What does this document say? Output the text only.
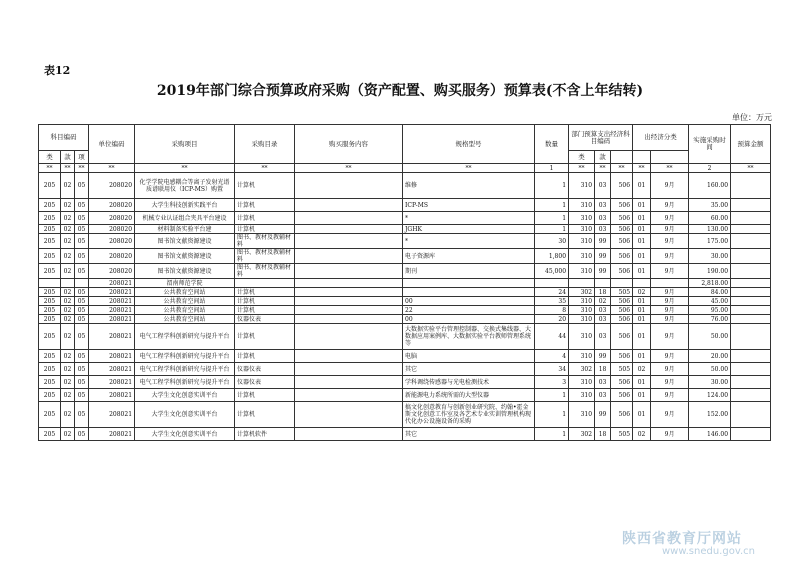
表12
2019年部门综合预算政府采购（资产配置、购买服务）预算表(不含上年结转)
单位：万元
科目编码			单位编码	采购项目	采购目录	购买服务内容	规格型号	数量	部门预算支出经济科目编码			出经济分类		实施采购时间	预算金额	
类	款	项							类	款						
**	**	**	**	**	**	**	**	1	**	**	**	**	**	2	**	
205	02	05	208020	化学学院电感耦合等离子发射光谱质谱联用仪（ICP-MS）购置	计算机		维修	1	310	03	506	01	9月	160.00		
205	02	05	208020	大学生科技创新实践平台	计算机		ICP-MS	1	310	03	506	01	9月	35.00		
205	02	05	208020	机械专业认证组合夹具平台建设	计算机		*	1	310	03	506	01	9月	60.00		
205	02	05	208020	材料制备实验平台建	计算机		JGHK	1	310	03	506	01	9月	130.00		
205	02	05	208020	图书馆文献资源建设	图书、教材及教辅材料		*	30	310	99	506	01	9月	175.00		
205	02	05	208020	图书馆文献资源建设	图书、教材及教辅材料		电子资源库	1,800	310	99	506	01	9月	30.00		
205	02	05	208020	图书馆文献资源建设	图书、教材及教辅材料		期刊	45,000	310	99	506	01	9月	190.00		
			208021	渭南师范学院										2,818.00		
205	02	05	208021	公共教育空间站	计算机			24	302	18	505	02	9月	84.00		
205	02	05	208021	公共教育空间站	计算机		00	35	310	02	506	01	9月	45.00		
205	02	05	208021	公共教育空间站	计算机		22	8	310	03	506	01	9月	95.00		
205	02	05	208021	公共教育空间站	仪器仪表		00	20	310	03	506	01	9月	76.00		
205	02	05	208021	电气工程学科创新研究与提升平台	计算机		大数据实验平台管理控制器、交换式集线器、大数据应用案例库、大数据实验平台教师管理系统等	44	310	03	506	01	9月	50.00		
205	02	05	208021	电气工程学科创新研究与提升平台	计算机		电脑	4	310	99	506	01	9月	20.00		
205	02	05	208021	电气工程学科创新研究与提升平台	仪器仪表		其它	34	302	18	505	02	9月	50.00		
205	02	05	208021	电气工程学科创新研究与提升平台	仪器仪表		学科调绕传感器与光电检测技术	3	310	03	506	01	9月	30.00		
205	02	05	208021	大学生文化创意实训平台	计算机		新能源电力系统所需的大型仪器	1	310	03	506	01	9月	124.00		
205	02	05	208021	大学生文化创意实训平台	计算机		搞文化创意教育与创新创业研究院、约翰•霍金斯文化创意工作室及各艺术专业实训管理机构现代化办公设施设备的采购	1	310	99	506	01	9月	152.00		
205	02	05	208021	大学生文化创意实训平台	计算机软件		其它	1	302	18	505	02	9月	146.00		
陕西省教育厅网站
www.snedu.gov.cn
